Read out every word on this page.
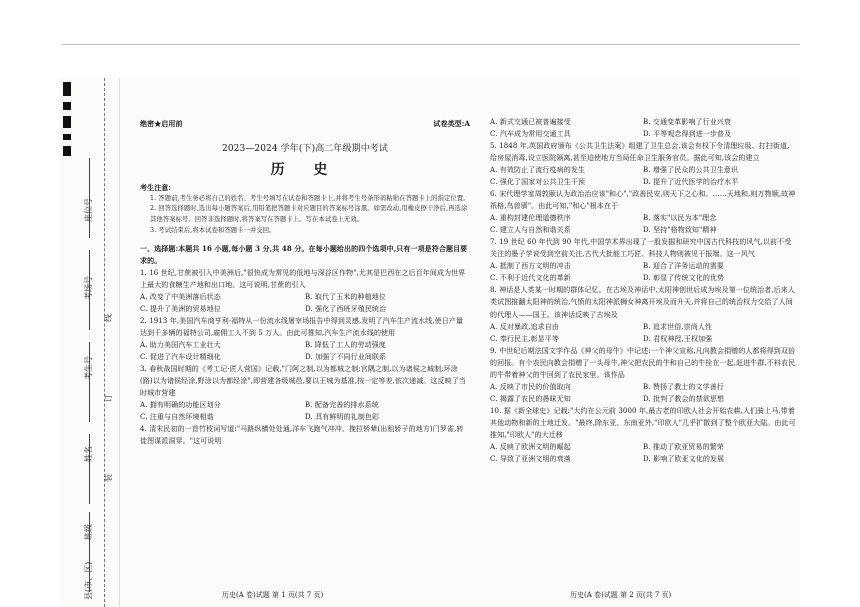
座位号
考场号
考生号
姓名
班级
县(市、区)
线
订
装
绝密★启用前	试卷类型:A

2023—2024 学年(下)高二年级期中考试

历 史

考生注意:

1. 答题前,考生务必将自己的姓名、考生号填写在试卷和答题卡上,并将考生号条形码粘贴在答题卡上的指定位置。

2. 回答选择题时,选出每小题答案后,用铅笔把答题卡对应题目的答案标号涂黑。如需改动,用橡皮擦干净后,再选涂其他答案标号。回答非选择题时,将答案写在答题卡上。写在本试卷上无效。

3. 考试结束后,将本试卷和答题卡一并交回。

一、选择题:本题共 16 小题,每小题 3 分,共 48 分。在每小题给出的四个选项中,只有一项是符合题目要求的。

1. 16 世纪,甘蔗被引入中美洲后,"很快成为常见的低地与深谷区作物",尤其是巴西在之后百年间成为世界上最大的食糖生产地和出口地。这可说明,甘蔗的引入

A. 改变了中美洲落后状态	B. 取代了玉米的种植地位
C. 提升了美洲的贸易地位	D. 强化了西班牙殖民统治

2. 1913 年,美国汽车商亨利·福特从一份流水线屠宰场报告中得到灵感,发明了汽车生产流水线,使日产量达到千多辆的福特公司,雇佣工人不到 5 万人。由此可推知,汽车生产流水线的使用

A. 助力美国汽车工业壮大	B. 降低了工人的劳动强度
C. 促进了汽车设计精细化	D. 加强了不同行业间联系

3. 春秋战国时期的《考工记·匠人营国》记载,"门阿之制,以为都城之制;宫隅之制,以为诸侯之城制;环涂(路)以为诸侯经涂,野涂以为都经涂",即营建各级城邑,要以王城为基准,按一定等差,依次递减。这反映了当时城市营建

A. 拥有明确的功能区划分	B. 配备完善的排水系统
C. 注重与自然环境相谐	D. 具有鲜明的礼制色彩

4. 清末民初的一首竹枝词写道:"马路纵横处处通,洋车飞跑气冲冲。挽拉轿辇(出租轿子的地方)门罗雀,转徙图谋派洞穿。"这可说明

A. 新式交通已被普遍接受	B. 交通变革影响了行业兴衰
C. 汽车成为常用交通工具	D. 平等观念得到进一步普及

5. 1848 年,英国政府颁布《公共卫生法案》组建了卫生总会,该会有权下令清理垃圾、打扫街道,给房屋消毒,设立医院隔离,甚至迫使地方当局任命卫生服务官员。据此可知,该会的建立

A. 有效防止了流行疫病的发生	B. 增强了民众的公共卫生意识
C. 强化了国家对公共卫生干预	D. 提升了近代医学的治疗水平

6. 宋代理学家周敦颐认为政治治应该"和心","政善民安,则天下之心和。……天地和,则万物顺,故神祇格,鸟兽驯"。由此可知,"和心"根本在于

A. 重构封建伦理道德秩序	B. 落实"以民为本"理念
C. 建立人与自然和谐关系	D. 坚持"格物致知"精神

7. 19 世纪 60 年代到 90 年代,中国学术界出现了一股发掘和研究中国古代科技的风气,以前不受关注的墨子学说受到空前关注,古代大批能工巧匠、科技人物则被见于报端。这一风气

A. 抵制了西方文明的冲击	B. 迎合了洋务运动的需要
C. 不利于近代文化的革新	D. 彰显了传统文化的优势

8. 神话是人类某一时期的群体记忆。在古埃及神话中,太阳神创世后成为埃及第一位统治者,后来人类试图推翻太阳神的统治,气愤的太阳神派狮女神离开埃及而升天,并将自己的统治权力交给了人间的代理人——国王。该神话反映了古埃及

A. 反对暴政,追求自由	B. 追求世俗,崇尚人性
C. 奉行民主,彰显平等	D. 君权神授,王权加强

9. 中世纪后期法国文学作品《神父的母牛》中记述:一个神父宣称,凡向教会捐赠的人都将得到双倍的回报。有个农民向教会捐赠了一头母牛,神父把农民的牛和自己的牛拴在一起,赶进牛群,不料农民的牛带着神父的牛回到了农民家里。该作品

A. 反映了市民的价值取向	B. 赞扬了教士的文学善行
C. 揭露了农民的愚昧无知	D. 批判了教会的禁欲思想

10. 据《新全球史》记载:"大约在公元前 3000 年,最古老的印欧人社会开始农耕,人们骑上马,带着其他动物和新的土地迁发。"最终,除东亚、东南亚外,"印欧人"几乎扩散到了整个欧亚大陆。由此可推知,"印欧人"的大迁移

A. 反映了欧洲文明的崛起	B. 推动了欧亚贸易的繁荣
C. 导致了亚洲文明的衰落	D. 影响了欧亚文化的发展
历史(A 卷)试题 第 1 页(共 7 页)	历史(A 卷)试题 第 2 页(共 7 页)
